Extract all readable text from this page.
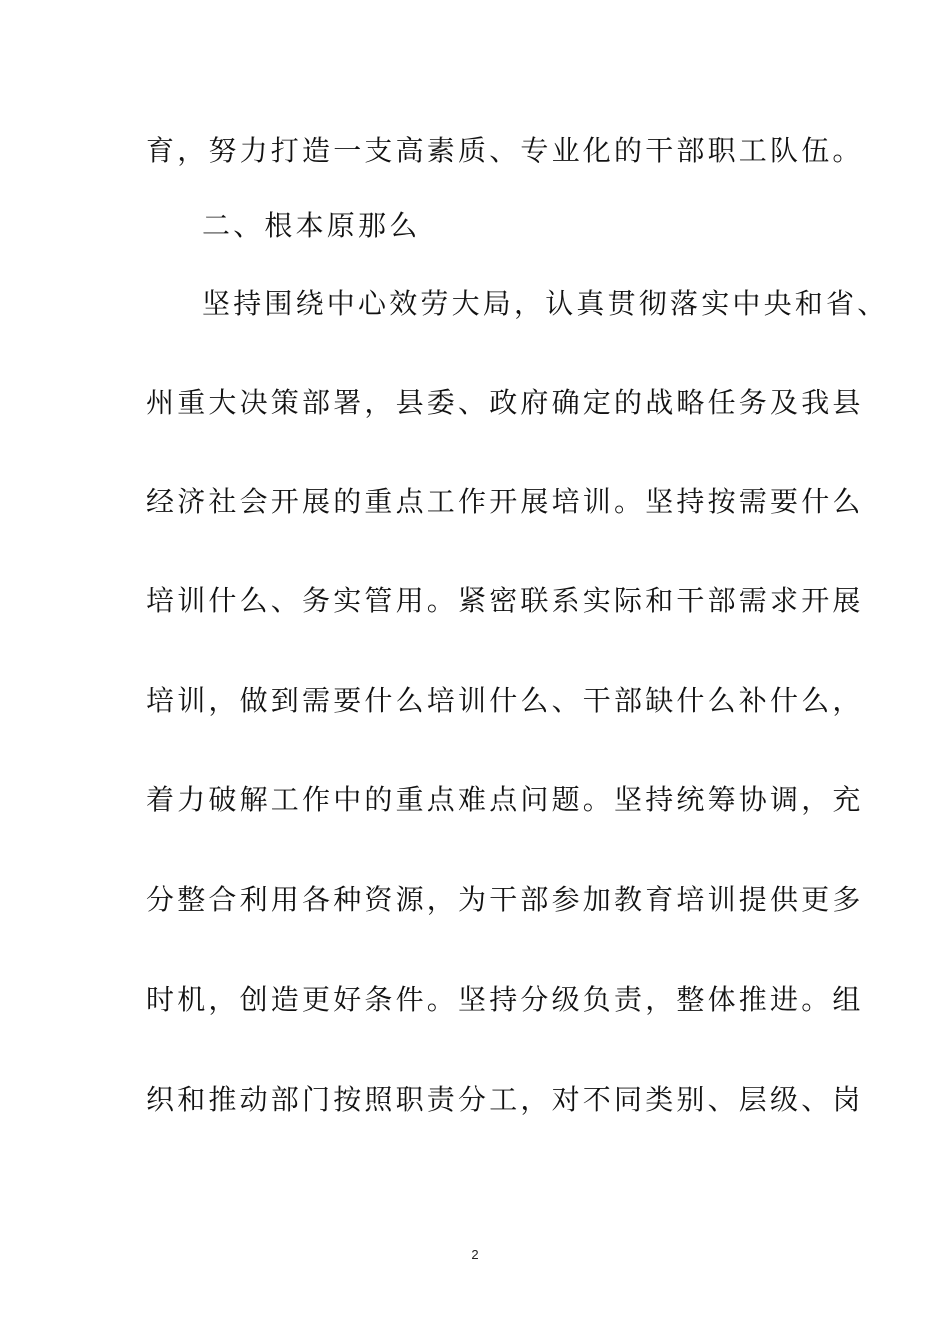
育，努力打造一支高素质、专业化的干部职工队伍。
二、根本原那么
坚持围绕中心效劳大局，认真贯彻落实中央和省、
州重大决策部署，县委、政府确定的战略任务及我县
经济社会开展的重点工作开展培训。坚持按需要什么
培训什么、务实管用。紧密联系实际和干部需求开展
培训，做到需要什么培训什么、干部缺什么补什么，
着力破解工作中的重点难点问题。坚持统筹协调，充
分整合利用各种资源，为干部参加教育培训提供更多
时机，创造更好条件。坚持分级负责，整体推进。组
织和推动部门按照职责分工，对不同类别、层级、岗
2
